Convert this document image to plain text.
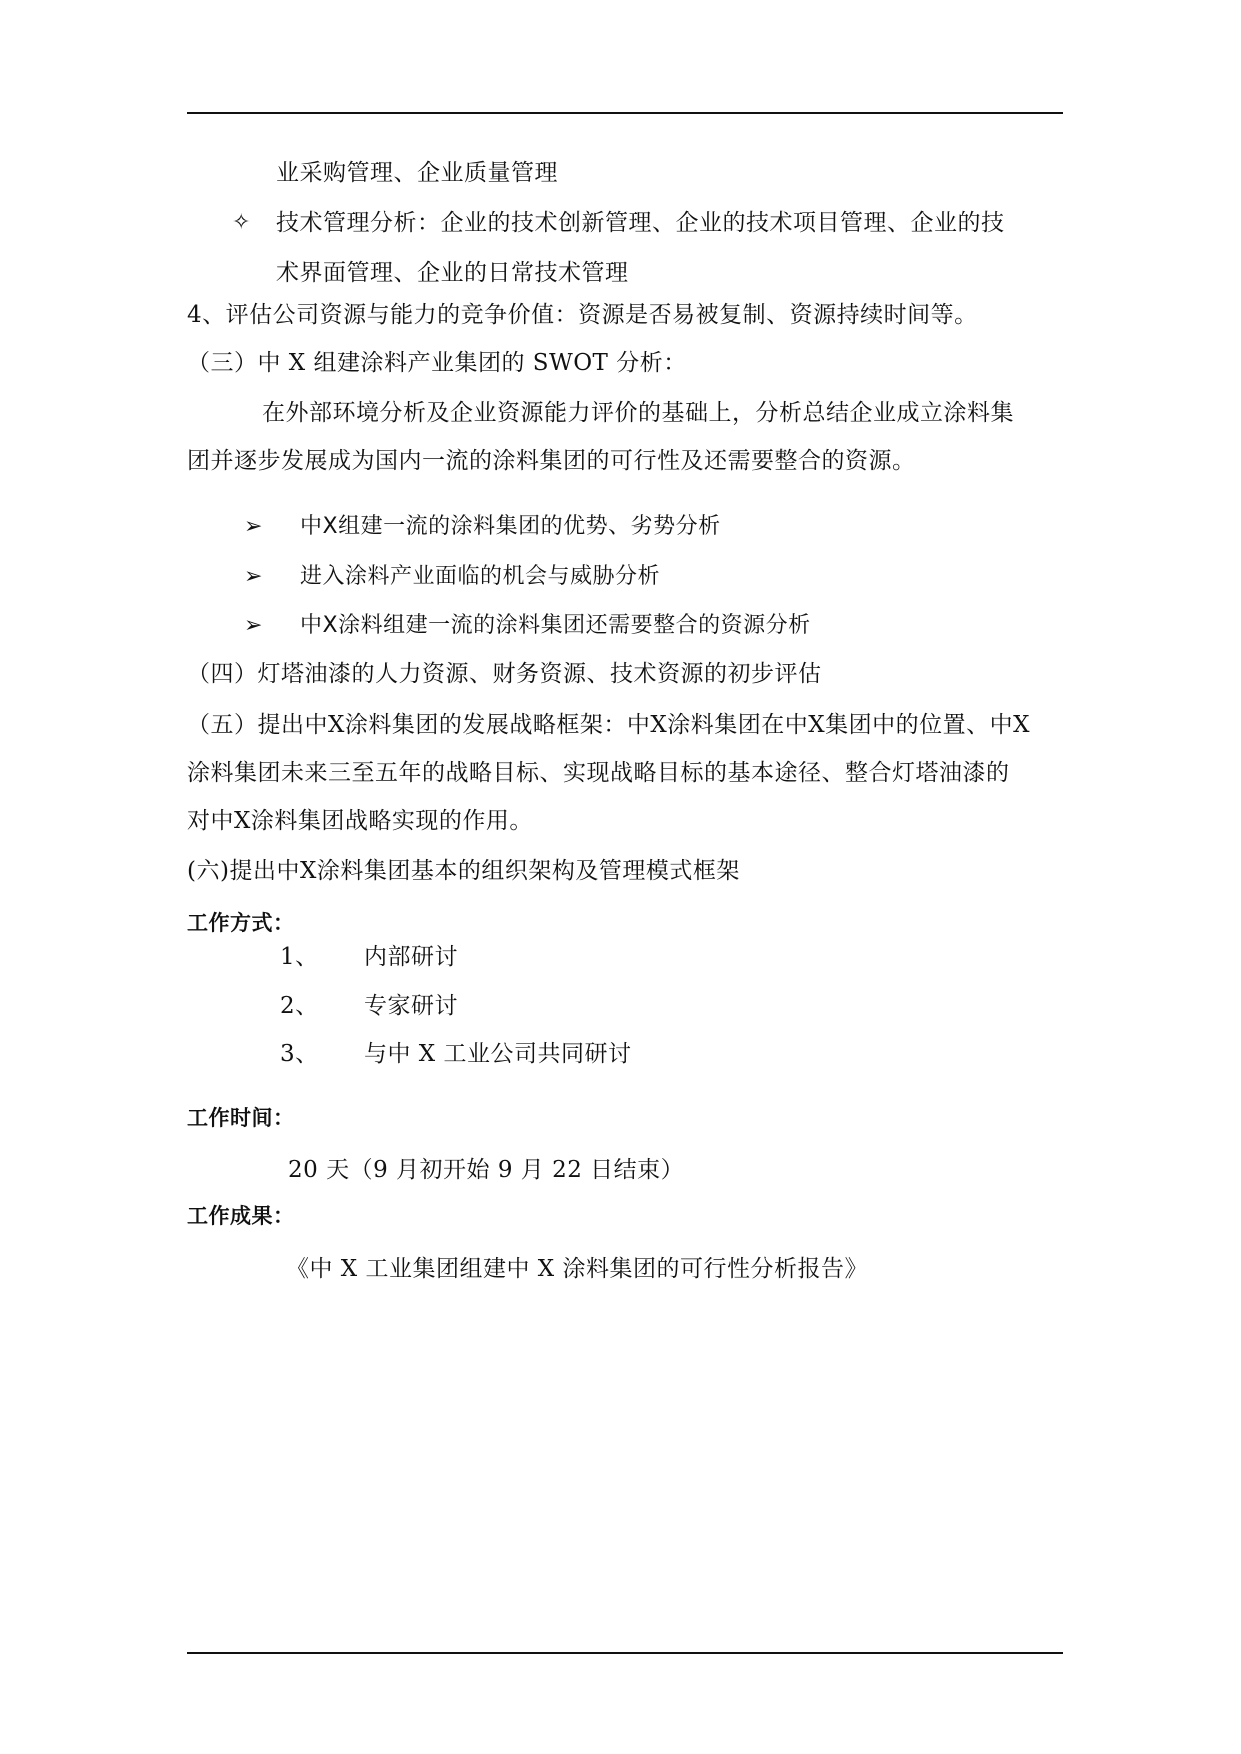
业采购管理、企业质量管理
✧ 技术管理分析：企业的技术创新管理、企业的技术项目管理、企业的技
术界面管理、企业的日常技术管理
4、评估公司资源与能力的竞争价值：资源是否易被复制、资源持续时间等。
（三）中 X 组建涂料产业集团的 SWOT 分析：
在外部环境分析及企业资源能力评价的基础上，分析总结企业成立涂料集
团并逐步发展成为国内一流的涂料集团的可行性及还需要整合的资源。
➢ 中X组建一流的涂料集团的优势、劣势分析
➢ 进入涂料产业面临的机会与威胁分析
➢ 中X涂料组建一流的涂料集团还需要整合的资源分析
（四）灯塔油漆的人力资源、财务资源、技术资源的初步评估
（五）提出中X涂料集团的发展战略框架：中X涂料集团在中X集团中的位置、中X
涂料集团未来三至五年的战略目标、实现战略目标的基本途径、整合灯塔油漆的
对中X涂料集团战略实现的作用。
(六)提出中X涂料集团基本的组织架构及管理模式框架
工作方式：
1、 内部研讨
2、 专家研讨
3、 与中 X 工业公司共同研讨
工作时间：
20 天（9 月初开始 9 月 22 日结束）
工作成果：
《中 X 工业集团组建中 X 涂料集团的可行性分析报告》
